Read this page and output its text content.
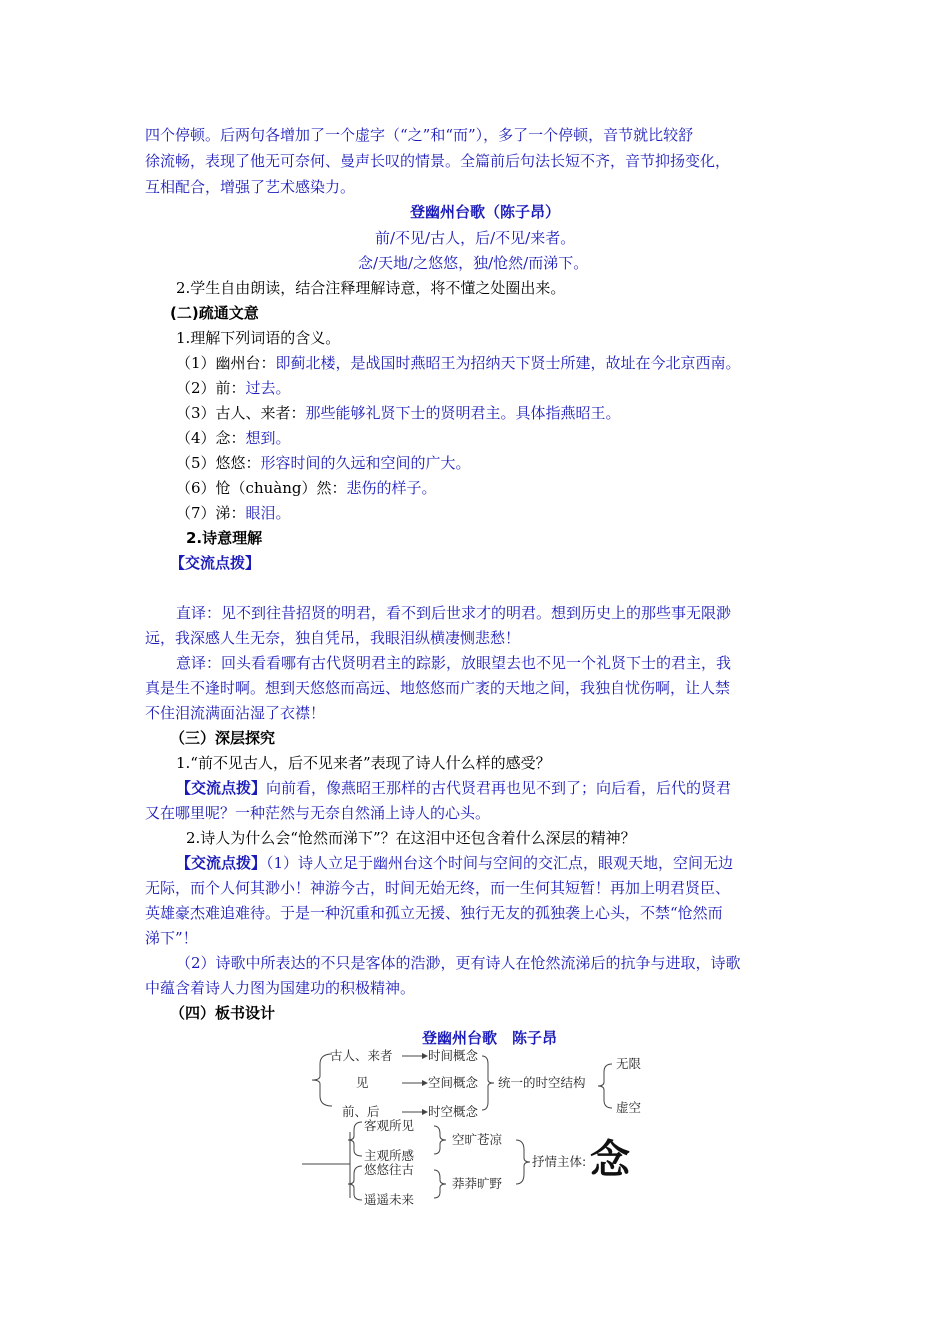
四个停顿。后两句各增加了一个虚字（“之”和“而”），多了一个停顿，音节就比较舒
徐流畅，表现了他无可奈何、曼声长叹的情景。全篇前后句法长短不齐，音节抑扬变化，
互相配合，增强了艺术感染力。
登幽州台歌（陈子昂）
前/不见/古人，后/不见/来者。
念/天地/之悠悠，独/怆然/而涕下。
2.学生自由朗读，结合注释理解诗意，将不懂之处圈出来。
(二)疏通文意
1.理解下列词语的含义。
（1）幽州台：即蓟北楼，是战国时燕昭王为招纳天下贤士所建，故址在今北京西南。
（2）前：过去。
（3）古人、来者：那些能够礼贤下士的贤明君主。具体指燕昭王。
（4）念：想到。
（5）悠悠：形容时间的久远和空间的广大。
（6）怆（chuàng）然：悲伤的样子。
（7）涕：眼泪。
2.诗意理解
【交流点拨】
直译：见不到往昔招贤的明君，看不到后世求才的明君。想到历史上的那些事无限渺
远，我深感人生无奈，独自凭吊，我眼泪纵横凄恻悲愁！
意译：回头看看哪有古代贤明君主的踪影，放眼望去也不见一个礼贤下士的君主，我
真是生不逢时啊。想到天悠悠而高远、地悠悠而广袤的天地之间，我独自忧伤啊，让人禁
不住泪流满面沾湿了衣襟！
（三）深层探究
1.“前不见古人，后不见来者”表现了诗人什么样的感受？
【交流点拨】向前看，像燕昭王那样的古代贤君再也见不到了；向后看，后代的贤君
又在哪里呢？一种茫然与无奈自然涌上诗人的心头。
2.诗人为什么会“怆然而涕下”？在这泪中还包含着什么深层的精神？
【交流点拨】（1）诗人立足于幽州台这个时间与空间的交汇点，眼观天地，空间无边
无际，而个人何其渺小！神游今古，时间无始无终，而一生何其短暂！再加上明君贤臣、
英雄豪杰难追难待。于是一种沉重和孤立无援、独行无友的孤独袭上心头，不禁“怆然而
涕下”！
（2）诗歌中所表达的不只是客体的浩渺，更有诗人在怆然流涕后的抗争与进取，诗歌
中蕴含着诗人力图为国建功的积极精神。
（四）板书设计
登幽州台歌　陈子昂
古人、来者	时间概念
见	空间概念
前、后	时空概念
统一的时空结构
无限
虚空
客观所见
主观所感
空旷苍凉
悠悠往古
遥遥未来
莽莽旷野
抒情主体: 念
